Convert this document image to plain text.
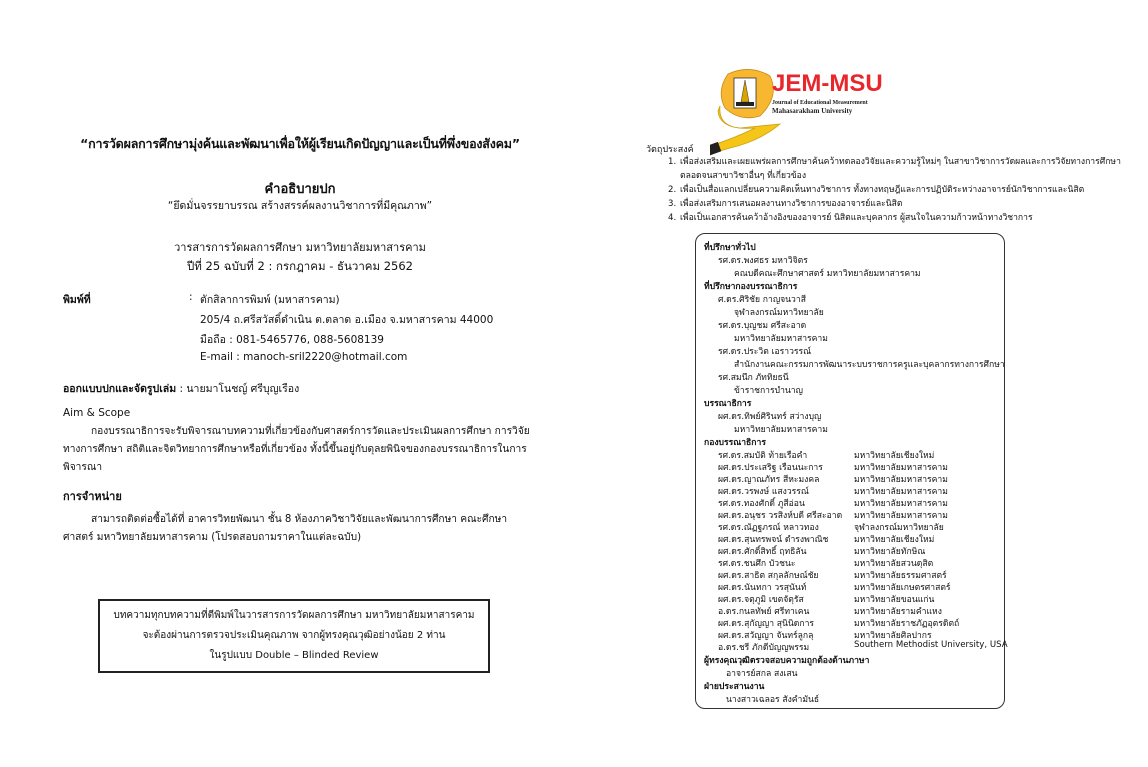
“การวัดผลการศึกษามุ่งค้นและพัฒนาเพื่อให้ผู้เรียนเกิดปัญญาและเป็นที่พึ่งของสังคม”
คำอธิบายปก
“ยึดมั่นจรรยาบรรณ สร้างสรรค์ผลงานวิชาการที่มีคุณภาพ”
วารสารการวัดผลการศึกษา มหาวิทยาลัยมหาสารคาม
ปีที่ 25 ฉบับที่ 2 : กรกฎาคม - ธันวาคม 2562
พิมพ์ที่	: ตักสิลาการพิมพ์ (มหาสารคาม)
205/4 ถ.ศรีสวัสดิ์ดำเนิน ต.ตลาด อ.เมือง จ.มหาสารคาม 44000
มือถือ : 081-5465776, 088-5608139
E-mail : manoch-sril2220@hotmail.com
ออกแบบปกและจัดรูปเล่ม : นายมาโนชญ์ ศรีบุญเรือง
Aim & Scope
กองบรรณาธิการจะรับพิจารณาบทความที่เกี่ยวข้องกับศาสตร์การวัดและประเมินผลการศึกษา การวิจัยทางการศึกษา สถิติและจิตวิทยาการศึกษาหรือที่เกี่ยวข้อง ทั้งนี้ขึ้นอยู่กับดุลยพินิจของกองบรรณาธิการในการพิจารณา
การจำหน่าย
สามารถติดต่อซื้อได้ที่ อาคารวิทยพัฒนา ชั้น 8 ห้องภาควิชาวิจัยและพัฒนาการศึกษา คณะศึกษาศาสตร์ มหาวิทยาลัยมหาสารคาม (โปรดสอบถามราคาในแต่ละฉบับ)
บทความทุกบทความที่ตีพิมพ์ในวารสารการวัดผลการศึกษา มหาวิทยาลัยมหาสารคาม
จะต้องผ่านการตรวจประเมินคุณภาพ จากผู้ทรงคุณวุฒิอย่างน้อย 2 ท่าน
ในรูปแบบ Double – Blinded Review
JEM-MSU
Journal of Educational Measurement
Mahasarakham University
วัตถุประสงค์
1. เพื่อส่งเสริมและเผยแพร่ผลการศึกษาค้นคว้าทดลองวิจัยและความรู้ใหม่ๆ ในสาขาวิชาการวัดผลและการวิจัยทางการศึกษา
ตลอดจนสาขาวิชาอื่นๆ ที่เกี่ยวข้อง
2. เพื่อเป็นสื่อแลกเปลี่ยนความคิดเห็นทางวิชาการ ทั้งทางทฤษฎีและการปฏิบัติระหว่างอาจารย์นักวิชาการและนิสิต
3. เพื่อส่งเสริมการเสนอผลงานทางวิชาการของอาจารย์และนิสิต
4. เพื่อเป็นเอกสารค้นคว้าอ้างอิงของอาจารย์ นิสิตและบุคลากร ผู้สนใจในความก้าวหน้าทางวิชาการ
ที่ปรึกษาทั่วไป
รศ.ดร.พงศธร มหาวิจิตร
คณบดีคณะศึกษาศาสตร์ มหาวิทยาลัยมหาสารคาม
ที่ปรึกษากองบรรณาธิการ
ศ.ดร.ศิริชัย กาญจนวาสี
จุฬาลงกรณ์มหาวิทยาลัย
รศ.ดร.บุญชม ศรีสะอาด
มหาวิทยาลัยมหาสารคาม
รศ.ดร.ประวิต เอราวรรณ์
สำนักงานคณะกรรมการพัฒนาระบบราชการครูและบุคลากรทางการศึกษา
รศ.สมนึก ภัททิยธนี
ข้าราชการบำนาญ
บรรณาธิการ
ผศ.ดร.ทิพย์ศิรินทร์ สว่างบุญ
มหาวิทยาลัยมหาสารคาม
กองบรรณาธิการ
รศ.ดร.สมบัติ ท้ายเรือคำ	มหาวิทยาลัยเชียงใหม่
ผศ.ดร.ประเสริฐ เรือนนะการ	มหาวิทยาลัยมหาสารคาม
ผศ.ดร.ญาณภัทร สีหะมงคล	มหาวิทยาลัยมหาสารคาม
ผศ.ดร.วรพงษ์ แสงวรรณ์	มหาวิทยาลัยมหาสารคาม
รศ.ดร.ทองศักดิ์ ภูสีอ่อน	มหาวิทยาลัยมหาสารคาม
ผศ.ดร.อนุชร วรสิงห์บดี ศรีสะอาด มหาวิทยาลัยมหาสารคาม
รศ.ดร.ณัฏฐภรณ์ หลาวทอง	จุฬาลงกรณ์มหาวิทยาลัย
ผศ.ดร.สุนทรพจน์ ดำรงพาณิช	มหาวิทยาลัยเชียงใหม่
ผศ.ดร.ศักดิ์สิทธิ์ ฤทธิลัน	มหาวิทยาลัยทักษิณ
รศ.ดร.ชนศึก บัวชนะ	มหาวิทยาลัยสวนดุสิต
ผศ.ดร.สาธิต สกุลลักษณ์ชัย	มหาวิทยาลัยธรรมศาสตร์
ผศ.ดร.นันทกา วรสุนันท์	มหาวิทยาลัยเกษตรศาสตร์
ผศ.ดร.จตุภูมิ เขตจัตุรัส	มหาวิทยาลัยขอนแก่น
อ.ดร.กนลทัพย์ ศรีทาเคน	มหาวิทยาลัยรามคำแหง
ผศ.ดร.สุกัญญา สุนินิดการ	มหาวิทยาลัยราชภัฏอุตรดิตถ์
ผศ.ดร.สวัญญา จันทร์ลูกลุ	มหาวิทยาลัยศิลปากร
อ.ดร.ชรี ภักดีบัญญพรรม	Southern Methodist University, USA
ผู้ทรงคุณวุฒิตรวจสอบความถูกต้องด้านภาษา
อาจารย์สกล สงเสน
ฝ่ายประสานงาน
นางสาวเฉลอร สังคำมันธ์
